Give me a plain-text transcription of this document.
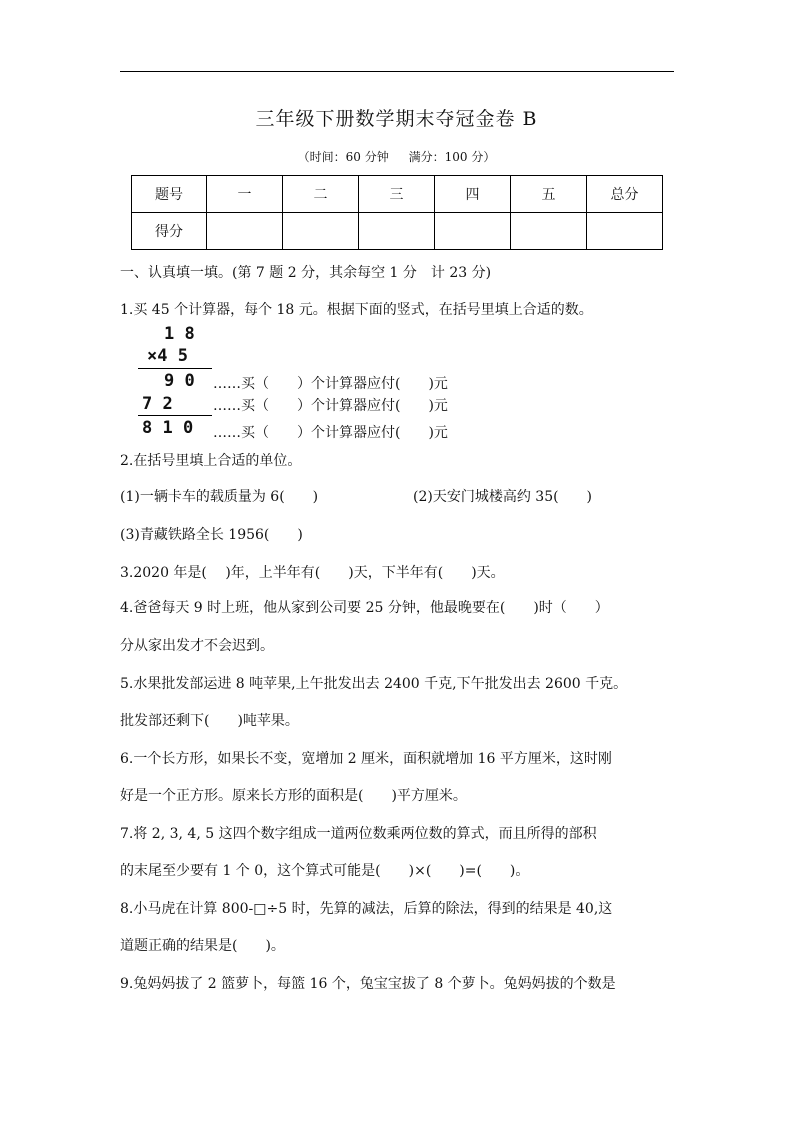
三年级下册数学期末夺冠金卷 B
（时间：60 分钟 满分：100 分）
题号	一	二	三	四	五	总分
得分						
一、认真填一填。(第 7 题 2 分，其余每空 1 分　计 23 分)
1.买 45 个计算器，每个 18 元。根据下面的竖式，在括号里填上合适的数。
1 8
×4 5
9 0
7 2
8 1 0
……买（　　）个计算器应付(　　)元
……买（　　）个计算器应付(　　)元
……买（　　）个计算器应付(　　)元
2.在括号里填上合适的单位。
(1)一辆卡车的载质量为 6(　　)	(2)天安门城楼高约 35(　　)
(3)青藏铁路全长 1956(　　)
3.2020 年是(　 )年，上半年有(　　)天，下半年有(　　)天。
4.爸爸每天 9 时上班，他从家到公司要 25 分钟，他最晚要在(　　)时（　　）
分从家出发才不会迟到。
5.水果批发部运进 8 吨苹果,上午批发出去 2400 千克,下午批发出去 2600 千克。
批发部还剩下(　　)吨苹果。
6.一个长方形，如果长不变，宽增加 2 厘米，面积就增加 16 平方厘米，这时刚
好是一个正方形。原来长方形的面积是(　　)平方厘米。
7.将 2, 3, 4, 5 这四个数字组成一道两位数乘两位数的算式，而且所得的部积
的末尾至少要有 1 个 0，这个算式可能是(　　)×(　　)=(　　)。
8.小马虎在计算 800-□÷5 时，先算的减法，后算的除法，得到的结果是 40,这
道题正确的结果是(　　)。
9.兔妈妈拔了 2 篮萝卜，每篮 16 个，兔宝宝拔了 8 个萝卜。兔妈妈拔的个数是
